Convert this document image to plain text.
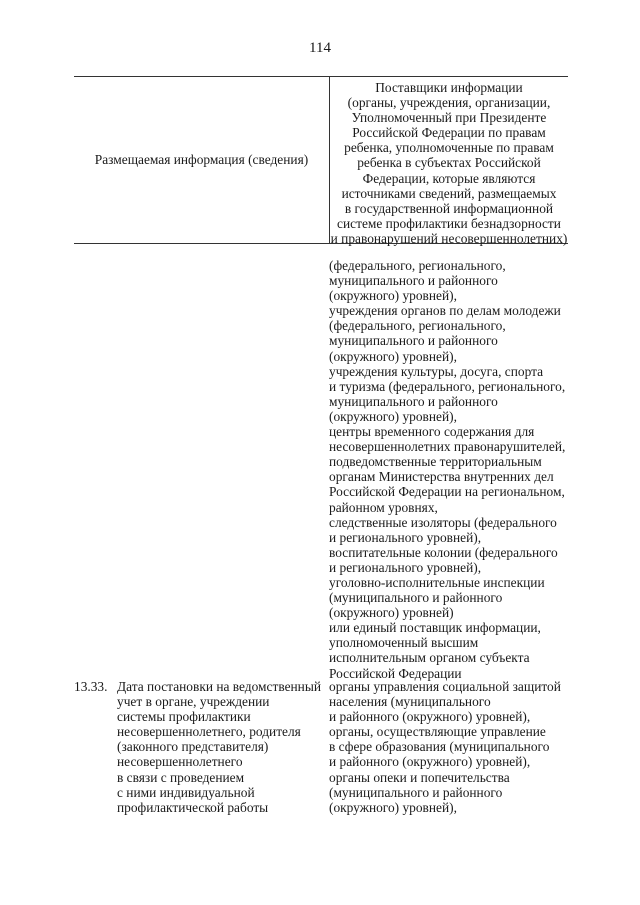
114
Размещаемая информация (сведения)
Поставщики информации
(органы, учреждения, организации,
Уполномоченный при Президенте
Российской Федерации по правам
ребенка, уполномоченные по правам
ребенка в субъектах Российской
Федерации, которые являются
источниками сведений, размещаемых
в государственной информационной
системе профилактики безнадзорности
и правонарушений несовершеннолетних)
(федерального, регионального,
муниципального и районного
(окружного) уровней),
учреждения органов по делам молодежи
(федерального, регионального,
муниципального и районного
(окружного) уровней),
учреждения культуры, досуга, спорта
и туризма (федерального, регионального,
муниципального и районного
(окружного) уровней),
центры временного содержания для
несовершеннолетних правонарушителей,
подведомственные территориальным
органам Министерства внутренних дел
Российской Федерации на региональном,
районном уровнях,
следственные изоляторы (федерального
и регионального уровней),
воспитательные колонии (федерального
и регионального уровней),
уголовно-исполнительные инспекции
(муниципального и районного
(окружного) уровней)
или единый поставщик информации,
уполномоченный высшим
исполнительным органом субъекта
Российской Федерации
13.33. Дата постановки на ведомственный
учет в органе, учреждении
системы профилактики
несовершеннолетнего, родителя
(законного представителя)
несовершеннолетнего
в связи с проведением
с ними индивидуальной
профилактической работы
органы управления социальной защитой
населения (муниципального
и районного (окружного) уровней),
органы, осуществляющие управление
в сфере образования (муниципального
и районного (окружного) уровней),
органы опеки и попечительства
(муниципального и районного
(окружного) уровней),
